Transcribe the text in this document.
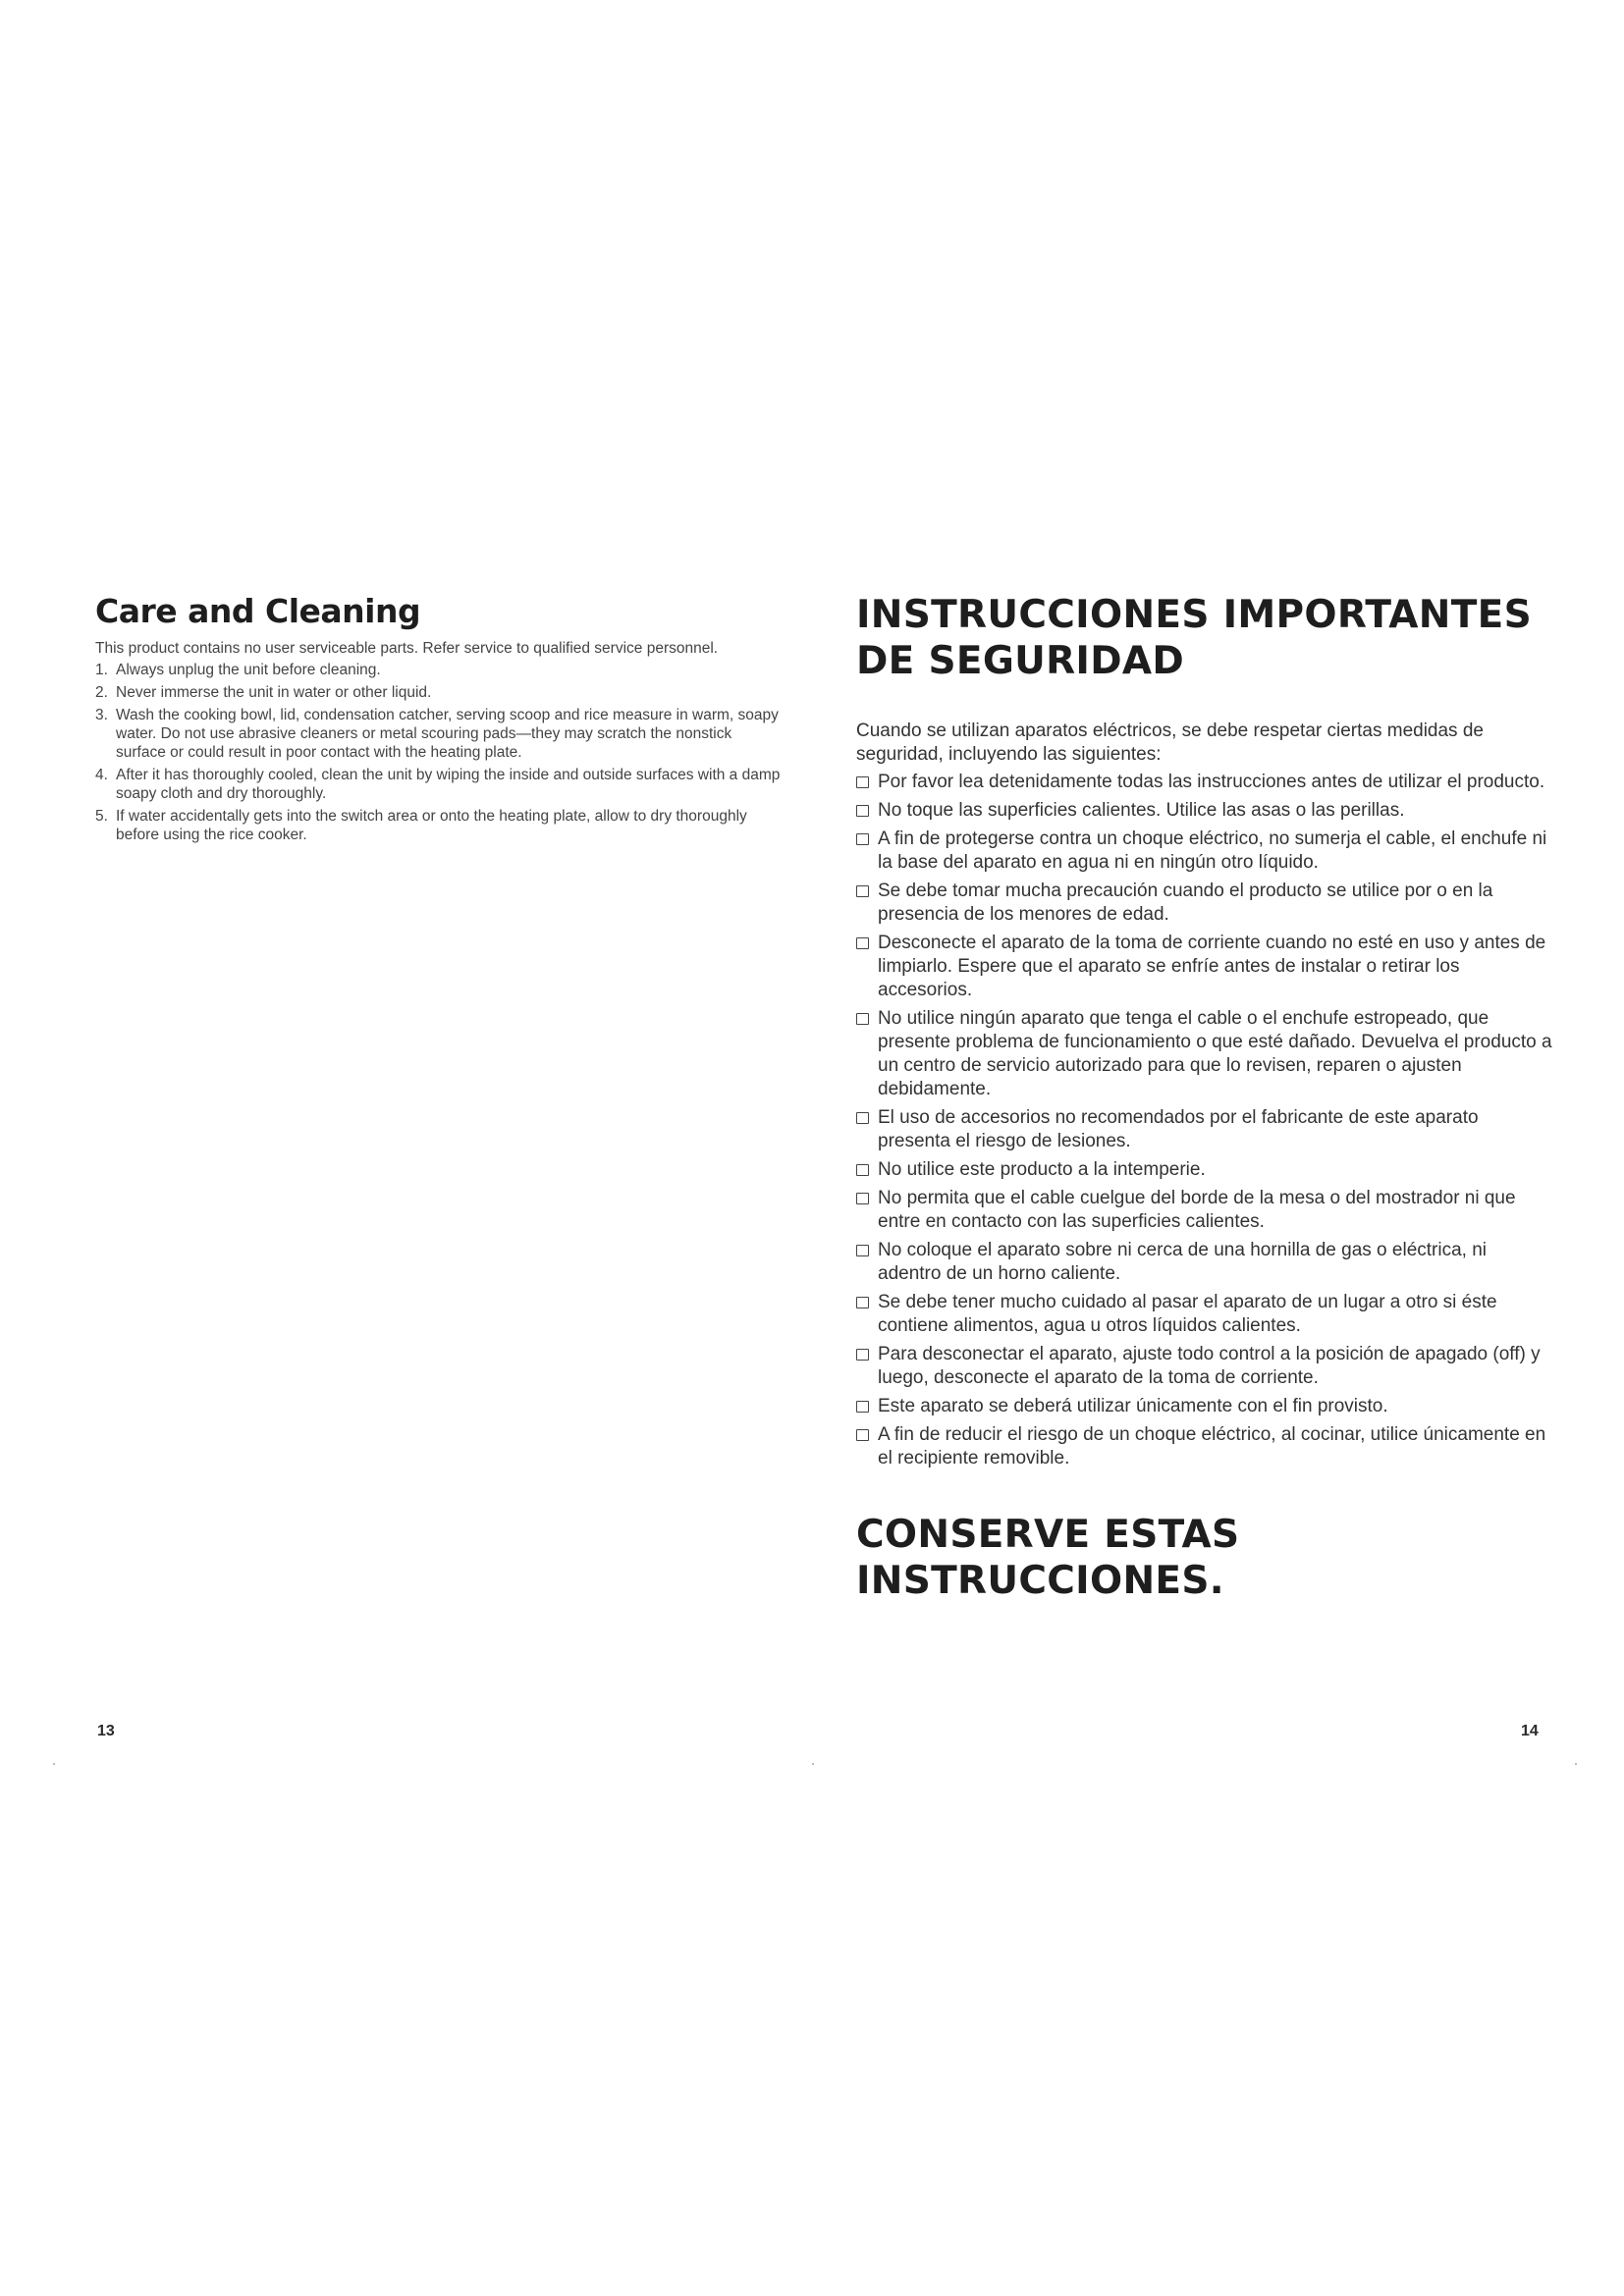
Care and Cleaning

This product contains no user serviceable parts. Refer service to qualified service personnel.

1. Always unplug the unit before cleaning.
2. Never immerse the unit in water or other liquid.
3. Wash the cooking bowl, lid, condensation catcher, serving scoop and rice measure in warm, soapy water. Do not use abrasive cleaners or metal scouring pads—they may scratch the nonstick surface or could result in poor contact with the heating plate.
4. After it has thoroughly cooled, clean the unit by wiping the inside and outside surfaces with a damp soapy cloth and dry thoroughly.
5. If water accidentally gets into the switch area or onto the heating plate, allow to dry thoroughly before using the rice cooker.
INSTRUCCIONES IMPORTANTES
DE SEGURIDAD

Cuando se utilizan aparatos eléctricos, se debe respetar ciertas medidas de seguridad, incluyendo las siguientes:

Por favor lea detenidamente todas las instrucciones antes de utilizar el producto.
No toque las superficies calientes. Utilice las asas o las perillas.
A fin de protegerse contra un choque eléctrico, no sumerja el cable, el enchufe ni la base del aparato en agua ni en ningún otro líquido.
Se debe tomar mucha precaución cuando el producto se utilice por o en la presencia de los menores de edad.
Desconecte el aparato de la toma de corriente cuando no esté en uso y antes de limpiarlo. Espere que el aparato se enfríe antes de instalar o retirar los accesorios.
No utilice ningún aparato que tenga el cable o el enchufe estropeado, que presente problema de funcionamiento o que esté dañado. Devuelva el producto a un centro de servicio autorizado para que lo revisen, reparen o ajusten debidamente.
El uso de accesorios no recomendados por el fabricante de este aparato presenta el riesgo de lesiones.
No utilice este producto a la intemperie.
No permita que el cable cuelgue del borde de la mesa o del mostrador ni que entre en contacto con las superficies calientes.
No coloque el aparato sobre ni cerca de una hornilla de gas o eléctrica, ni adentro de un horno caliente.
Se debe tener mucho cuidado al pasar el aparato de un lugar a otro si éste contiene alimentos, agua u otros líquidos calientes.
Para desconectar el aparato, ajuste todo control a la posición de apagado (off) y luego, desconecte el aparato de la toma de corriente.
Este aparato se deberá utilizar únicamente con el fin provisto.
A fin de reducir el riesgo de un choque eléctrico, al cocinar, utilice únicamente en el recipiente removible.
CONSERVE ESTAS
INSTRUCCIONES.
13	14
